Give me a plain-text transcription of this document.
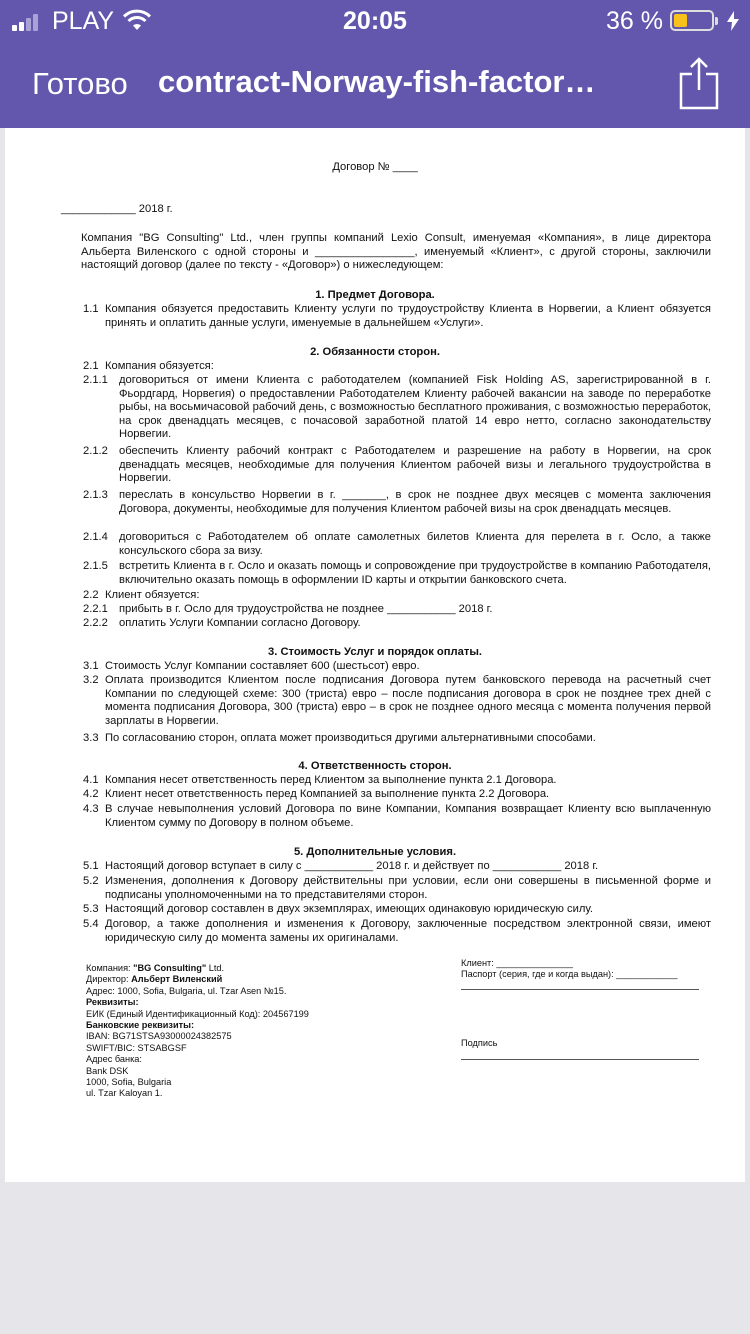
PLAY	20:05	36 %
Готово contract-Norway-fish-factor…
Договор № ____
____________ 2018 г.

Компания "BG Consulting" Ltd., член группы компаний Lexio Consult, именуемая «Компания», в лице директора Альберта Виленского с одной стороны и ________________, именуемый «Клиент», с другой стороны, заключили настоящий договор (далее по тексту - «Договор») о нижеследующем:

1. Предмет Договора.
1.1 Компания обязуется предоставить Клиенту услуги по трудоустройству Клиента в Норвегии, а Клиент обязуется принять и оплатить данные услуги, именуемые в дальнейшем «Услуги».
2. Обязанности сторон.
2.1 Компания обязуется:
2.1.1 договориться от имени Клиента с работодателем (компанией Fisk Holding AS, зарегистрированной в г. Фьордгард, Норвегия) о предоставлении Работодателем Клиенту рабочей вакансии на заводе по переработке рыбы, на восьмичасовой рабочий день, с возможностью бесплатного проживания, с возможностью переработок, на срок двенадцать месяцев, с почасовой заработной платой 14 евро нетто, согласно законодательству Норвегии.
2.1.2 обеспечить Клиенту рабочий контракт с Работодателем и разрешение на работу в Норвегии, на срок двенадцать месяцев, необходимые для получения Клиентом рабочей визы и легального трудоустройства в Норвегии.
2.1.3 переслать в консульство Норвегии в г. _______, в срок не позднее двух месяцев с момента заключения Договора, документы, необходимые для получения Клиентом рабочей визы на срок двенадцать месяцев.
2.1.4 договориться с Работодателем об оплате самолетных билетов Клиента для перелета в г. Осло, а также консульского сбора за визу.
2.1.5 встретить Клиента в г. Осло и оказать помощь и сопровождение при трудоустройстве в компанию Работодателя, включительно оказать помощь в оформлении ID карты и открытии банковского счета.
2.2 Клиент обязуется:
2.2.1 прибыть в г. Осло для трудоустройства не позднее ___________ 2018 г.
2.2.2 оплатить Услуги Компании согласно Договору.
3. Стоимость Услуг и порядок оплаты.
3.1 Стоимость Услуг Компании составляет 600 (шестьсот) евро.
3.2 Оплата производится Клиентом после подписания Договора путем банковского перевода на расчетный счет Компании по следующей схеме: 300 (триста) евро – после подписания договора в срок не позднее трех дней с момента подписания Договора, 300 (триста) евро – в срок не позднее одного месяца с момента получения первой зарплаты в Норвегии.
3.3 По согласованию сторон, оплата может производиться другими альтернативными способами.
4. Ответственность сторон.
4.1 Компания несет ответственность перед Клиентом за выполнение пункта 2.1 Договора.
4.2 Клиент несет ответственность перед Компанией за выполнение пункта 2.2 Договора.
4.3 В случае невыполнения условий Договора по вине Компании, Компания возвращает Клиенту всю выплаченную Клиентом сумму по Договору в полном объеме.
5. Дополнительные условия.
5.1 Настоящий договор вступает в силу с ___________ 2018 г. и действует по ___________ 2018 г.
5.2 Изменения, дополнения к Договору действительны при условии, если они совершены в письменной форме и подписаны уполномоченными на то представителями сторон.
5.3 Настоящий договор составлен в двух экземплярах, имеющих одинаковую юридическую силу.
5.4 Договор, а также дополнения и изменения к Договору, заключенные посредством электронной связи, имеют юридическую силу до момента замены их оригиналами.
Компания: "BG Consulting" Ltd.
Директор: Альберт Виленский
Адрес: 1000, Sofia, Bulgaria, ul. Tzar Asen №15.
Реквизиты:
ЕИК (Единый Идентификационный Код): 204567199
Банковские реквизиты:
IBAN: BG71STSA93000024382575
SWIFT/BIC: STSABGSF
Адрес банка:
Bank DSK
1000, Sofia, Bulgaria
ul. Tzar Kaloyan 1.
Клиент: _______________
Паспорт (серия, где и когда выдан): ____________
Подпись
